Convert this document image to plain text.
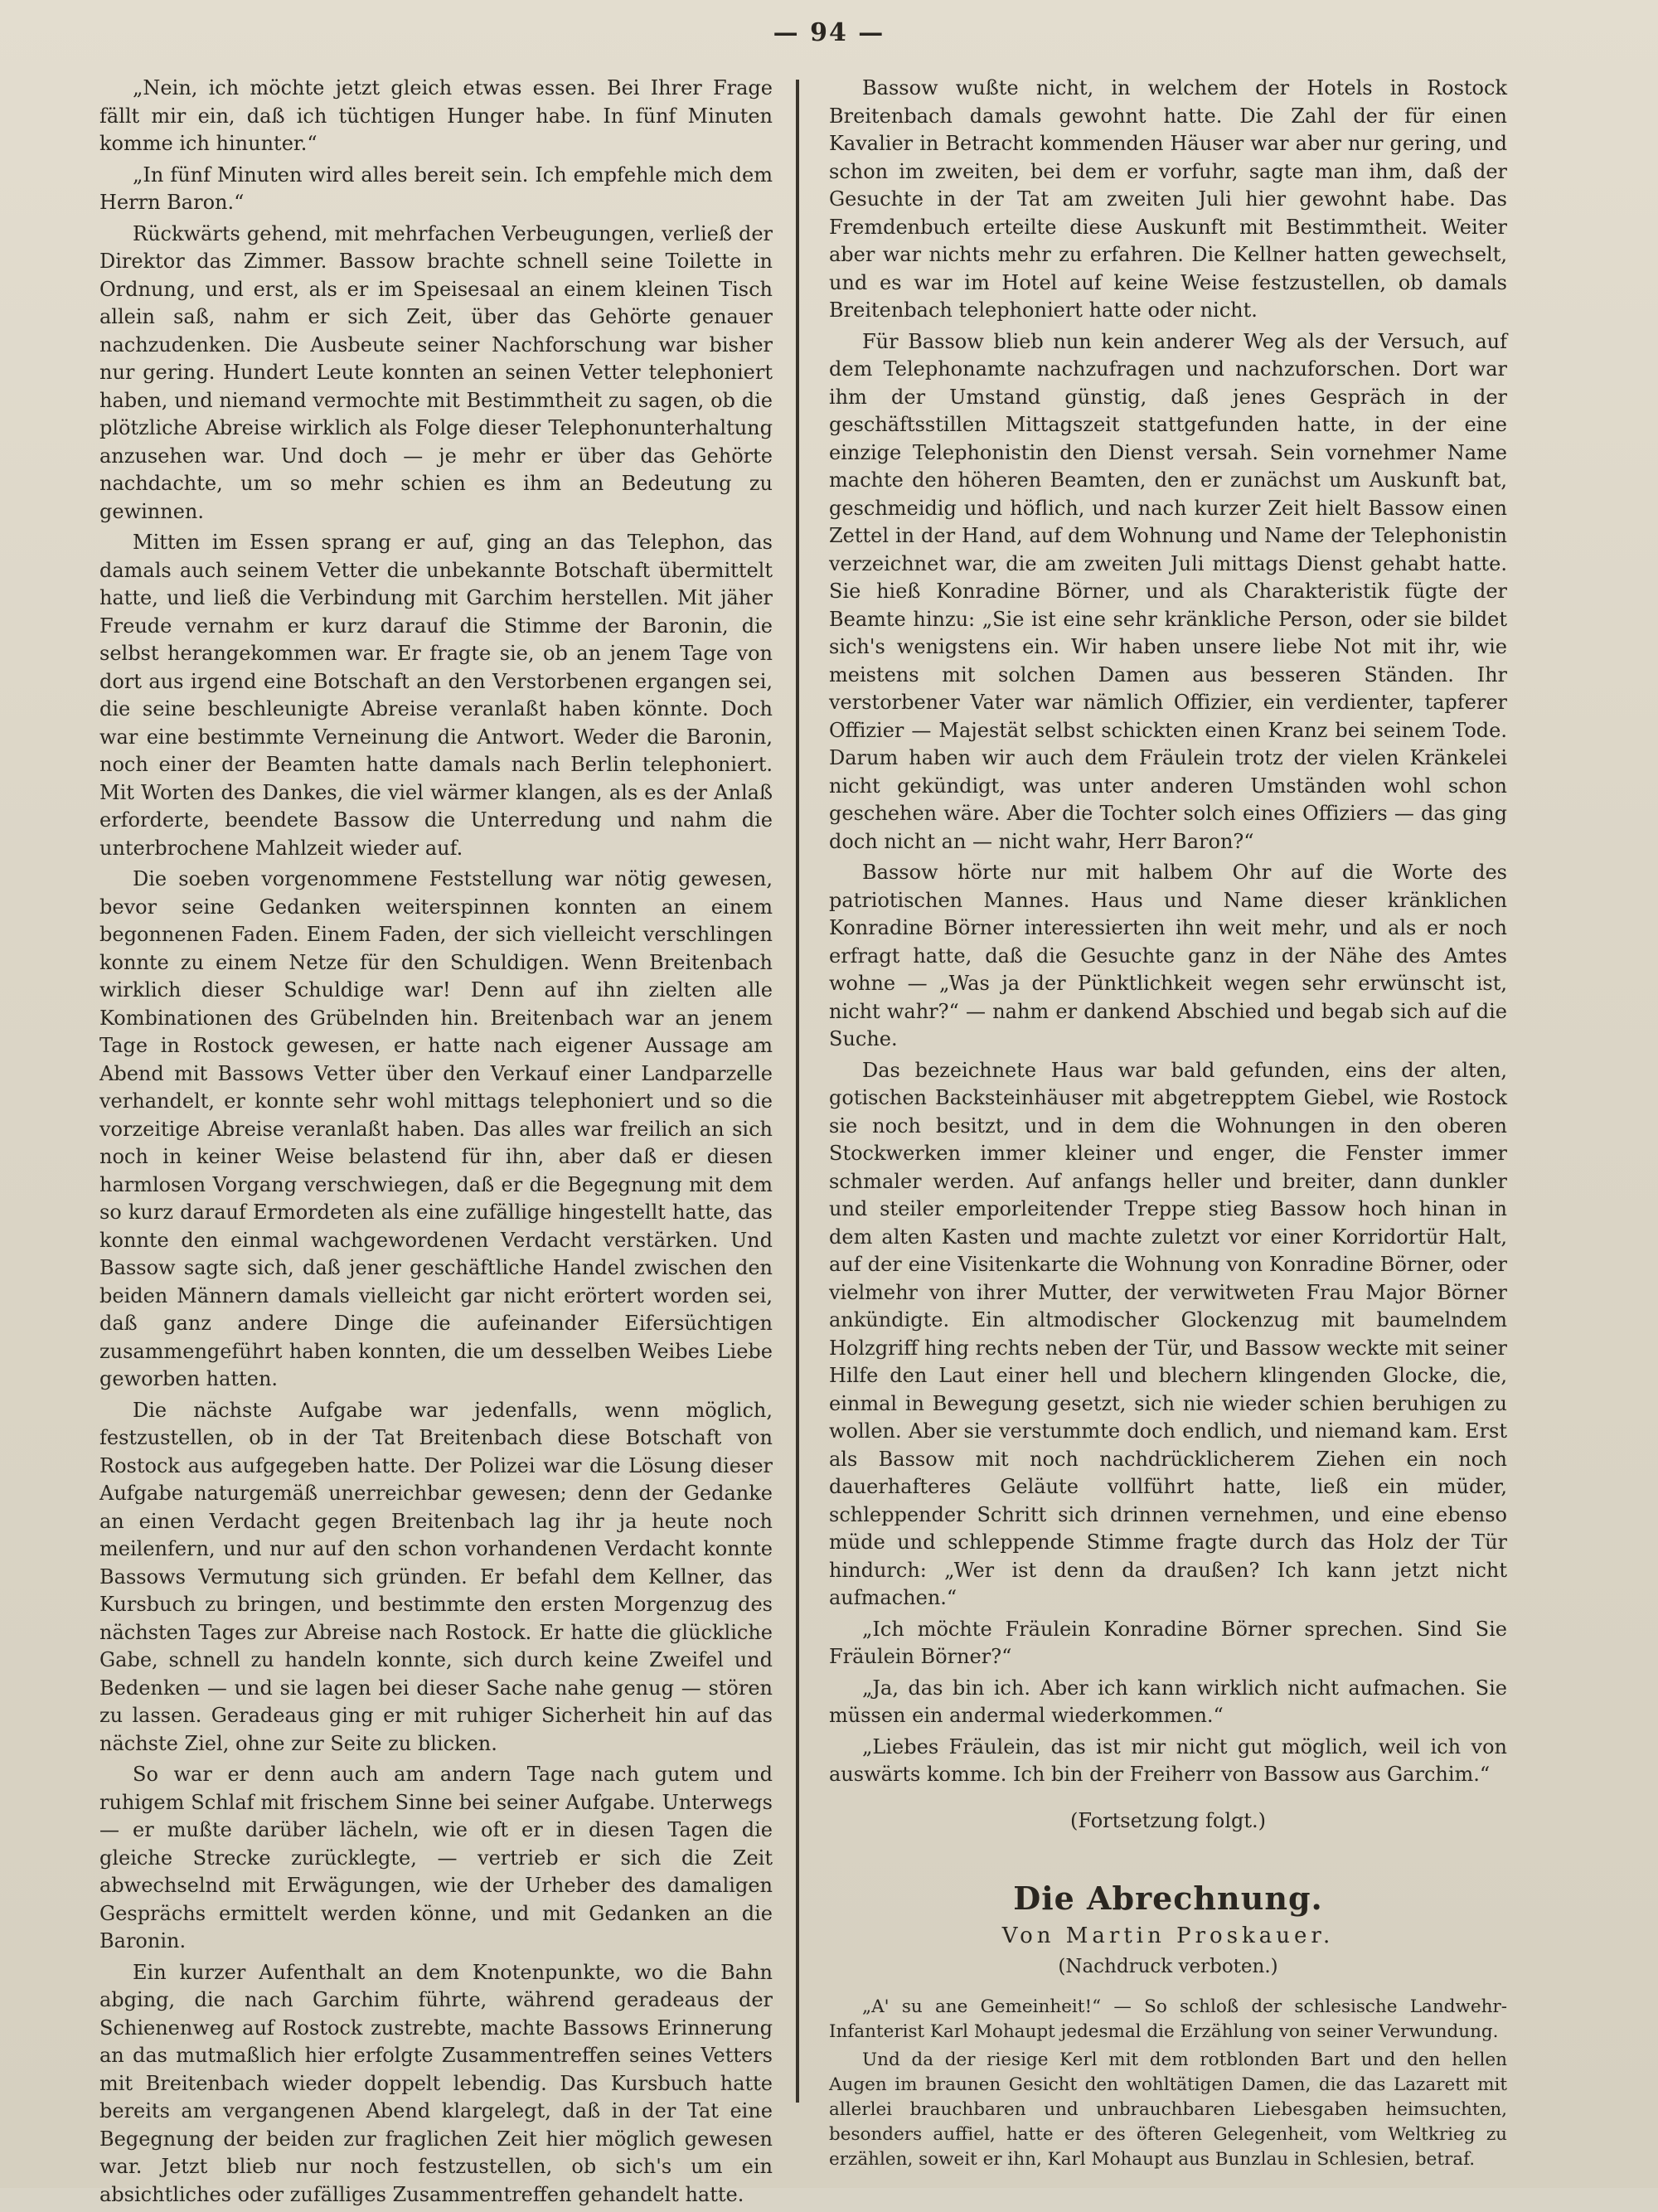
— 94 —

„Nein, ich möchte jetzt gleich etwas essen. Bei Ihrer Frage fällt mir ein, daß ich tüchtigen Hunger habe. In fünf Minuten komme ich hinunter.“

„In fünf Minuten wird alles bereit sein. Ich empfehle mich dem Herrn Baron.“

Rückwärts gehend, mit mehrfachen Verbeugungen, verließ der Direktor das Zimmer. Bassow brachte schnell seine Toilette in Ordnung, und erst, als er im Speisesaal an einem kleinen Tisch allein saß, nahm er sich Zeit, über das Gehörte genauer nachzudenken. Die Ausbeute seiner Nachforschung war bisher nur gering. Hundert Leute konnten an seinen Vetter telephoniert haben, und niemand vermochte mit Bestimmtheit zu sagen, ob die plötzliche Abreise wirklich als Folge dieser Telephonunterhaltung anzusehen war. Und doch — je mehr er über das Gehörte nachdachte, um so mehr schien es ihm an Bedeutung zu gewinnen.

Mitten im Essen sprang er auf, ging an das Telephon, das damals auch seinem Vetter die unbekannte Botschaft übermittelt hatte, und ließ die Verbindung mit Garchim herstellen. Mit jäher Freude vernahm er kurz darauf die Stimme der Baronin, die selbst herangekommen war. Er fragte sie, ob an jenem Tage von dort aus irgend eine Botschaft an den Verstorbenen ergangen sei, die seine beschleunigte Abreise veranlaßt haben könnte. Doch war eine bestimmte Verneinung die Antwort. Weder die Baronin, noch einer der Beamten hatte damals nach Berlin telephoniert. Mit Worten des Dankes, die viel wärmer klangen, als es der Anlaß erforderte, beendete Bassow die Unterredung und nahm die unterbrochene Mahlzeit wieder auf.

Die soeben vorgenommene Feststellung war nötig gewesen, bevor seine Gedanken weiterspinnen konnten an einem begonnenen Faden. Einem Faden, der sich vielleicht verschlingen konnte zu einem Netze für den Schuldigen. Wenn Breitenbach wirklich dieser Schuldige war! Denn auf ihn zielten alle Kombinationen des Grübelnden hin. Breitenbach war an jenem Tage in Rostock gewesen, er hatte nach eigener Aussage am Abend mit Bassows Vetter über den Verkauf einer Landparzelle verhandelt, er konnte sehr wohl mittags telephoniert und so die vorzeitige Abreise veranlaßt haben. Das alles war freilich an sich noch in keiner Weise belastend für ihn, aber daß er diesen harmlosen Vorgang verschwiegen, daß er die Begegnung mit dem so kurz darauf Ermordeten als eine zufällige hingestellt hatte, das konnte den einmal wachgewordenen Verdacht verstärken. Und Bassow sagte sich, daß jener geschäftliche Handel zwischen den beiden Männern damals vielleicht gar nicht erörtert worden sei, daß ganz andere Dinge die aufeinander Eifersüchtigen zusammengeführt haben konnten, die um desselben Weibes Liebe geworben hatten.

Die nächste Aufgabe war jedenfalls, wenn möglich, festzustellen, ob in der Tat Breitenbach diese Botschaft von Rostock aus aufgegeben hatte. Der Polizei war die Lösung dieser Aufgabe naturgemäß unerreichbar gewesen; denn der Gedanke an einen Verdacht gegen Breitenbach lag ihr ja heute noch meilenfern, und nur auf den schon vorhandenen Verdacht konnte Bassows Vermutung sich gründen. Er befahl dem Kellner, das Kursbuch zu bringen, und bestimmte den ersten Morgenzug des nächsten Tages zur Abreise nach Rostock. Er hatte die glückliche Gabe, schnell zu handeln konnte, sich durch keine Zweifel und Bedenken — und sie lagen bei dieser Sache nahe genug — stören zu lassen. Geradeaus ging er mit ruhiger Sicherheit hin auf das nächste Ziel, ohne zur Seite zu blicken.

So war er denn auch am andern Tage nach gutem und ruhigem Schlaf mit frischem Sinne bei seiner Aufgabe. Unterwegs — er mußte darüber lächeln, wie oft er in diesen Tagen die gleiche Strecke zurücklegte, — vertrieb er sich die Zeit abwechselnd mit Erwägungen, wie der Urheber des damaligen Gesprächs ermittelt werden könne, und mit Gedanken an die Baronin.

Ein kurzer Aufenthalt an dem Knotenpunkte, wo die Bahn abging, die nach Garchim führte, während geradeaus der Schienenweg auf Rostock zustrebte, machte Bassows Erinnerung an das mutmaßlich hier erfolgte Zusammentreffen seines Vetters mit Breitenbach wieder doppelt lebendig. Das Kursbuch hatte bereits am vergangenen Abend klargelegt, daß in der Tat eine Begegnung der beiden zur fraglichen Zeit hier möglich gewesen war. Jetzt blieb nur noch festzustellen, ob sich's um ein absichtliches oder zufälliges Zusammentreffen gehandelt hatte.

Bassow wußte nicht, in welchem der Hotels in Rostock Breitenbach damals gewohnt hatte. Die Zahl der für einen Kavalier in Betracht kommenden Häuser war aber nur gering, und schon im zweiten, bei dem er vorfuhr, sagte man ihm, daß der Gesuchte in der Tat am zweiten Juli hier gewohnt habe. Das Fremdenbuch erteilte diese Auskunft mit Bestimmtheit. Weiter aber war nichts mehr zu erfahren. Die Kellner hatten gewechselt, und es war im Hotel auf keine Weise festzustellen, ob damals Breitenbach telephoniert hatte oder nicht.

Für Bassow blieb nun kein anderer Weg als der Versuch, auf dem Telephonamte nachzufragen und nachzuforschen. Dort war ihm der Umstand günstig, daß jenes Gespräch in der geschäftsstillen Mittagszeit stattgefunden hatte, in der eine einzige Telephonistin den Dienst versah. Sein vornehmer Name machte den höheren Beamten, den er zunächst um Auskunft bat, geschmeidig und höflich, und nach kurzer Zeit hielt Bassow einen Zettel in der Hand, auf dem Wohnung und Name der Telephonistin verzeichnet war, die am zweiten Juli mittags Dienst gehabt hatte. Sie hieß Konradine Börner, und als Charakteristik fügte der Beamte hinzu: „Sie ist eine sehr kränkliche Person, oder sie bildet sich's wenigstens ein. Wir haben unsere liebe Not mit ihr, wie meistens mit solchen Damen aus besseren Ständen. Ihr verstorbener Vater war nämlich Offizier, ein verdienter, tapferer Offizier — Majestät selbst schickten einen Kranz bei seinem Tode. Darum haben wir auch dem Fräulein trotz der vielen Kränkelei nicht gekündigt, was unter anderen Umständen wohl schon geschehen wäre. Aber die Tochter solch eines Offiziers — das ging doch nicht an — nicht wahr, Herr Baron?“

Bassow hörte nur mit halbem Ohr auf die Worte des patriotischen Mannes. Haus und Name dieser kränklichen Konradine Börner interessierten ihn weit mehr, und als er noch erfragt hatte, daß die Gesuchte ganz in der Nähe des Amtes wohne — „Was ja der Pünktlichkeit wegen sehr erwünscht ist, nicht wahr?“ — nahm er dankend Abschied und begab sich auf die Suche.

Das bezeichnete Haus war bald gefunden, eins der alten, gotischen Backsteinhäuser mit abgetrepptem Giebel, wie Rostock sie noch besitzt, und in dem die Wohnungen in den oberen Stockwerken immer kleiner und enger, die Fenster immer schmaler werden. Auf anfangs heller und breiter, dann dunkler und steiler emporleitender Treppe stieg Bassow hoch hinan in dem alten Kasten und machte zuletzt vor einer Korridortür Halt, auf der eine Visitenkarte die Wohnung von Konradine Börner, oder vielmehr von ihrer Mutter, der verwitweten Frau Major Börner ankündigte. Ein altmodischer Glockenzug mit baumelndem Holzgriff hing rechts neben der Tür, und Bassow weckte mit seiner Hilfe den Laut einer hell und blechern klingenden Glocke, die, einmal in Bewegung gesetzt, sich nie wieder schien beruhigen zu wollen. Aber sie verstummte doch endlich, und niemand kam. Erst als Bassow mit noch nachdrücklicherem Ziehen ein noch dauerhafteres Geläute vollführt hatte, ließ ein müder, schleppender Schritt sich drinnen vernehmen, und eine ebenso müde und schleppende Stimme fragte durch das Holz der Tür hindurch: „Wer ist denn da draußen? Ich kann jetzt nicht aufmachen.“

„Ich möchte Fräulein Konradine Börner sprechen. Sind Sie Fräulein Börner?“

„Ja, das bin ich. Aber ich kann wirklich nicht aufmachen. Sie müssen ein andermal wiederkommen.“

„Liebes Fräulein, das ist mir nicht gut möglich, weil ich von auswärts komme. Ich bin der Freiherr von Bassow aus Garchim.“

(Fortsetzung folgt.)
Die Abrechnung.
Von Martin Proskauer.
(Nachdruck verboten.)

„A' su ane Gemeinheit!“ — So schloß der schlesische Landwehr-Infanterist Karl Mohaupt jedesmal die Erzählung von seiner Verwundung.

Und da der riesige Kerl mit dem rotblonden Bart und den hellen Augen im braunen Gesicht den wohltätigen Damen, die das Lazarett mit allerlei brauchbaren und unbrauchbaren Liebesgaben heimsuchten, besonders auffiel, hatte er des öfteren Gelegenheit, vom Weltkrieg zu erzählen, soweit er ihn, Karl Mohaupt aus Bunzlau in Schlesien, betraf.
